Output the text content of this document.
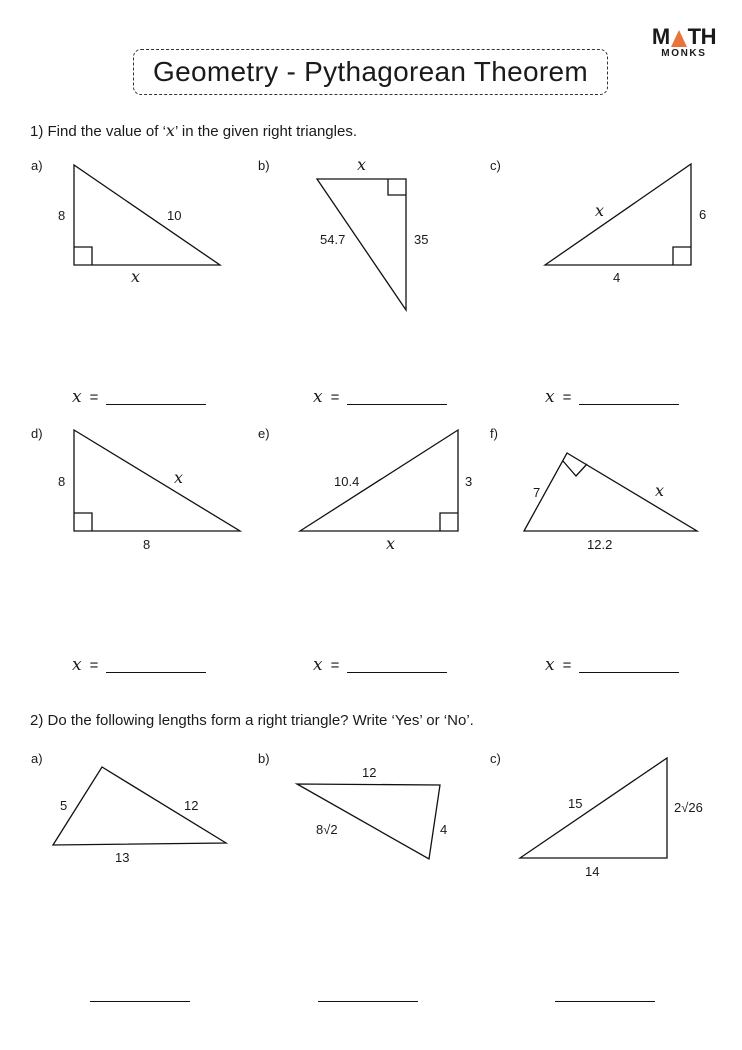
Geometry - Pythagorean Theorem
M TH
MONKS
1) Find the value of ‘x’ in the given right triangles.
a)	b)	c)
d)	e)	f)
8	10
x
x
54.7	35
x	6
4
8	x
8
10.4	3
x
7	x
12.2
x =	x =	x =
x =	x =	x =
2) Do the following lengths form a right triangle? Write ‘Yes’ or ‘No’.
a)	b)	c)
5	12
13
12
8√2	4
15	2√26
14
